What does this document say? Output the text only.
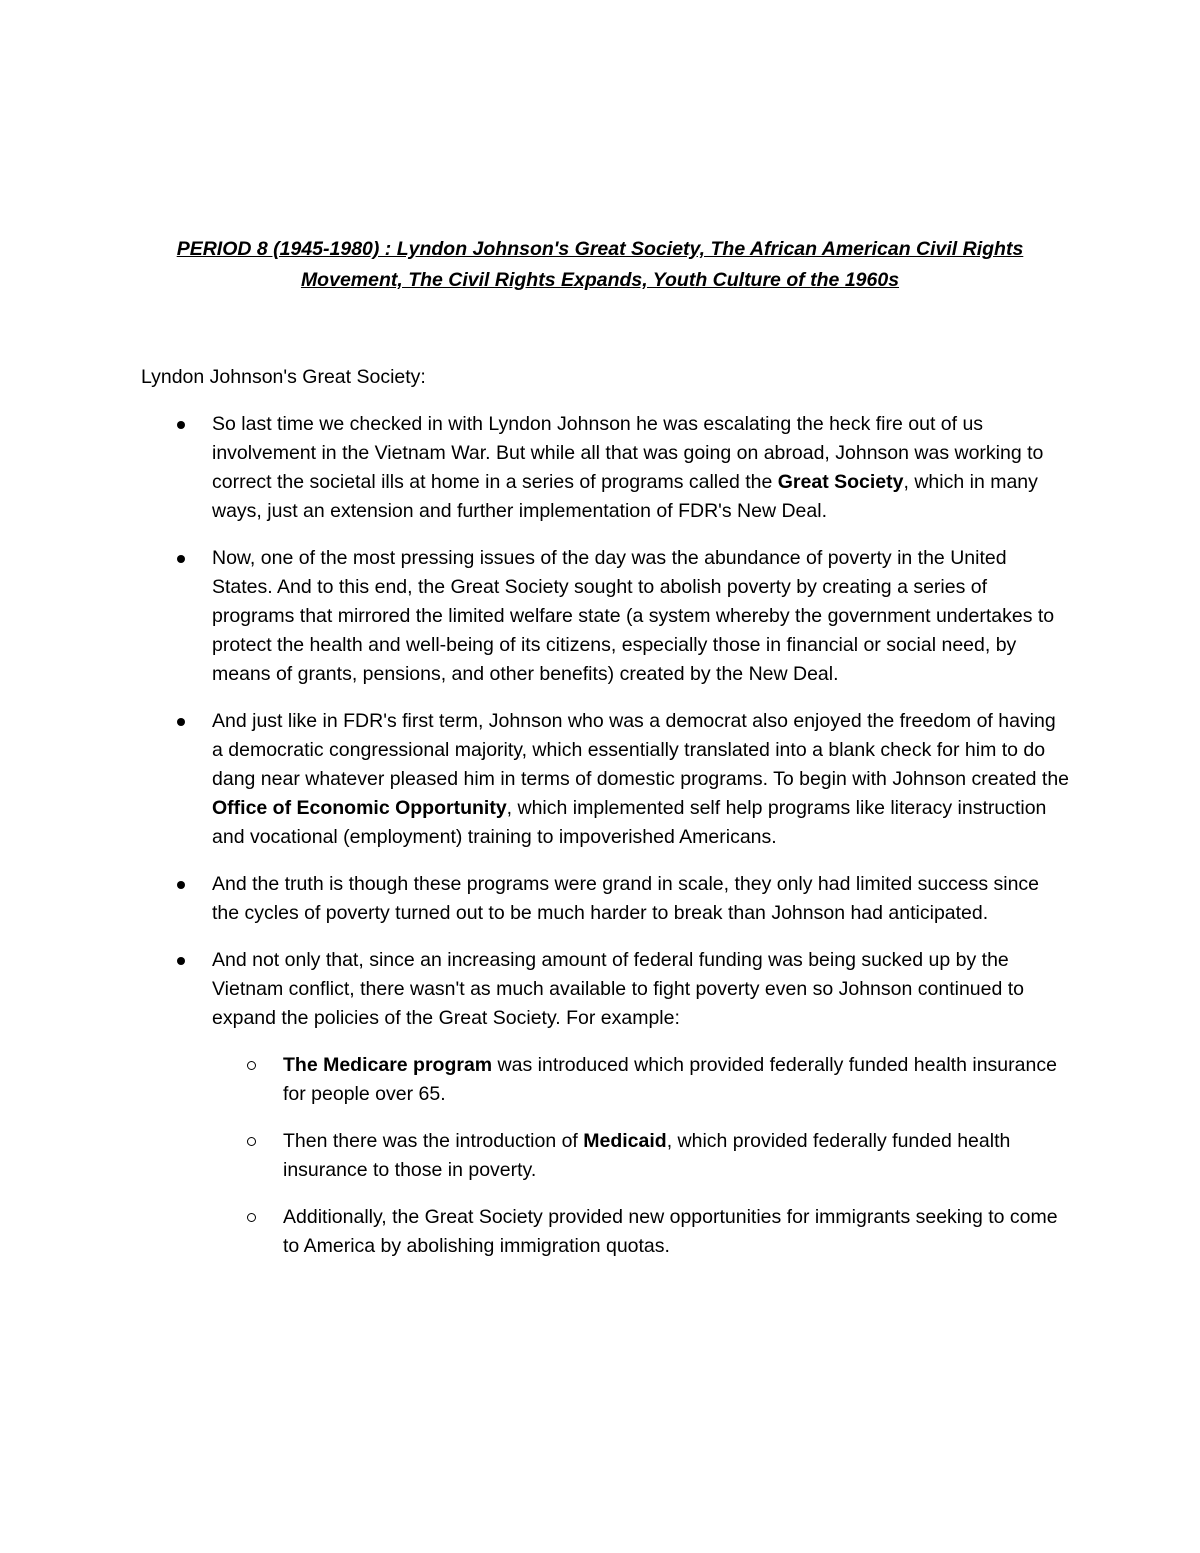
PERIOD 8 (1945-1980) : Lyndon Johnson's Great Society, The African American Civil Rights Movement, The Civil Rights Expands, Youth Culture of the 1960s

Lyndon Johnson's Great Society:

So last time we checked in with Lyndon Johnson he was escalating the heck fire out of us involvement in the Vietnam War. But while all that was going on abroad, Johnson was working to correct the societal ills at home in a series of programs called the Great Society, which in many ways, just an extension and further implementation of FDR's New Deal.
Now, one of the most pressing issues of the day was the abundance of poverty in the United States. And to this end, the Great Society sought to abolish poverty by creating a series of programs that mirrored the limited welfare state (a system whereby the government undertakes to protect the health and well-being of its citizens, especially those in financial or social need, by means of grants, pensions, and other benefits) created by the New Deal.
And just like in FDR's first term, Johnson who was a democrat also enjoyed the freedom of having a democratic congressional majority, which essentially translated into a blank check for him to do dang near whatever pleased him in terms of domestic programs. To begin with Johnson created the Office of Economic Opportunity, which implemented self help programs like literacy instruction and vocational (employment) training to impoverished Americans.
And the truth is though these programs were grand in scale, they only had limited success since the cycles of poverty turned out to be much harder to break than Johnson had anticipated.
And not only that, since an increasing amount of federal funding was being sucked up by the Vietnam conflict, there wasn't as much available to fight poverty even so Johnson continued to expand the policies of the Great Society. For example:
The Medicare program was introduced which provided federally funded health insurance for people over 65.
Then there was the introduction of Medicaid, which provided federally funded health insurance to those in poverty.
Additionally, the Great Society provided new opportunities for immigrants seeking to come to America by abolishing immigration quotas.
